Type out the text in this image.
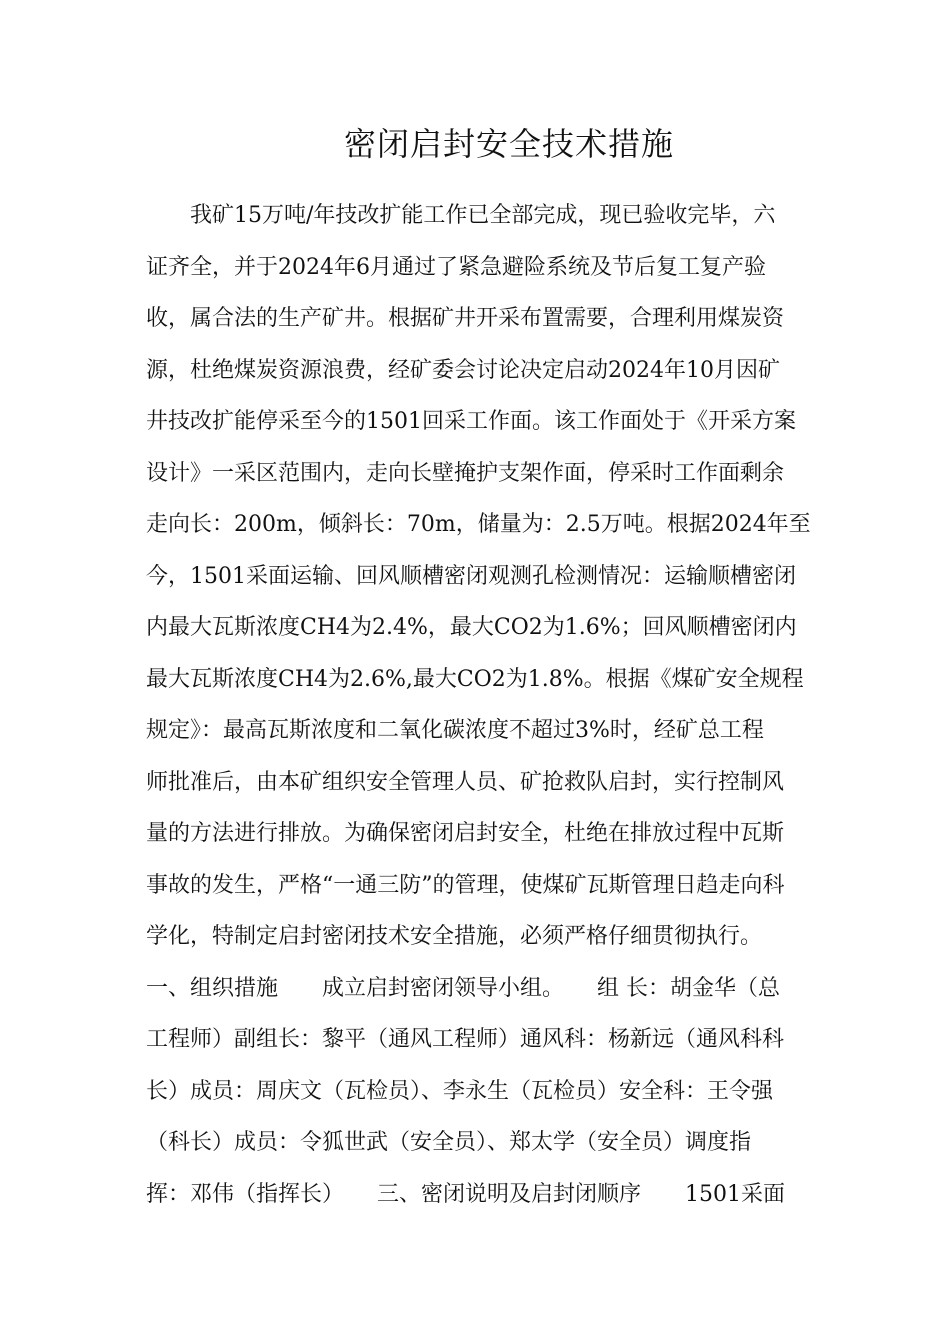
密闭启封安全技术措施

我矿15万吨/年技改扩能工作已全部完成，现已验收完毕，六

证齐全，并于2024年6月通过了紧急避险系统及节后复工复产验

收，属合法的生产矿井。根据矿井开采布置需要，合理利用煤炭资

源，杜绝煤炭资源浪费，经矿委会讨论决定启动2024年10月因矿

井技改扩能停采至今的1501回采工作面。该工作面处于《开采方案

设计》一采区范围内，走向长壁掩护支架作面，停采时工作面剩余

走向长：200m，倾斜长：70m，储量为：2.5万吨。根据2024年至

今，1501采面运输、回风顺槽密闭观测孔检测情况：运输顺槽密闭

内最大瓦斯浓度CH4为2.4%，最大CO2为1.6%；回风顺槽密闭内

最大瓦斯浓度CH4为2.6%,最大CO2为1.8%。根据《煤矿安全规程

规定》：最高瓦斯浓度和二氧化碳浓度不超过3%时，经矿总工程

师批准后，由本矿组织安全管理人员、矿抢救队启封，实行控制风

量的方法进行排放。为确保密闭启封安全，杜绝在排放过程中瓦斯

事故的发生，严格“一通三防”的管理，使煤矿瓦斯管理日趋走向科

学化，特制定启封密闭技术安全措施，必须严格仔细贯彻执行。

一、组织措施　　成立启封密闭领导小组。　　组 长：胡金华（总

工程师）副组长：黎平（通风工程师）通风科：杨新远（通风科科

长）成员：周庆文（瓦检员）、李永生（瓦检员）安全科：王令强

（科长）成员：令狐世武（安全员）、郑太学（安全员）调度指

挥：邓伟（指挥长）　　三、密闭说明及启封闭顺序　　1501采面
